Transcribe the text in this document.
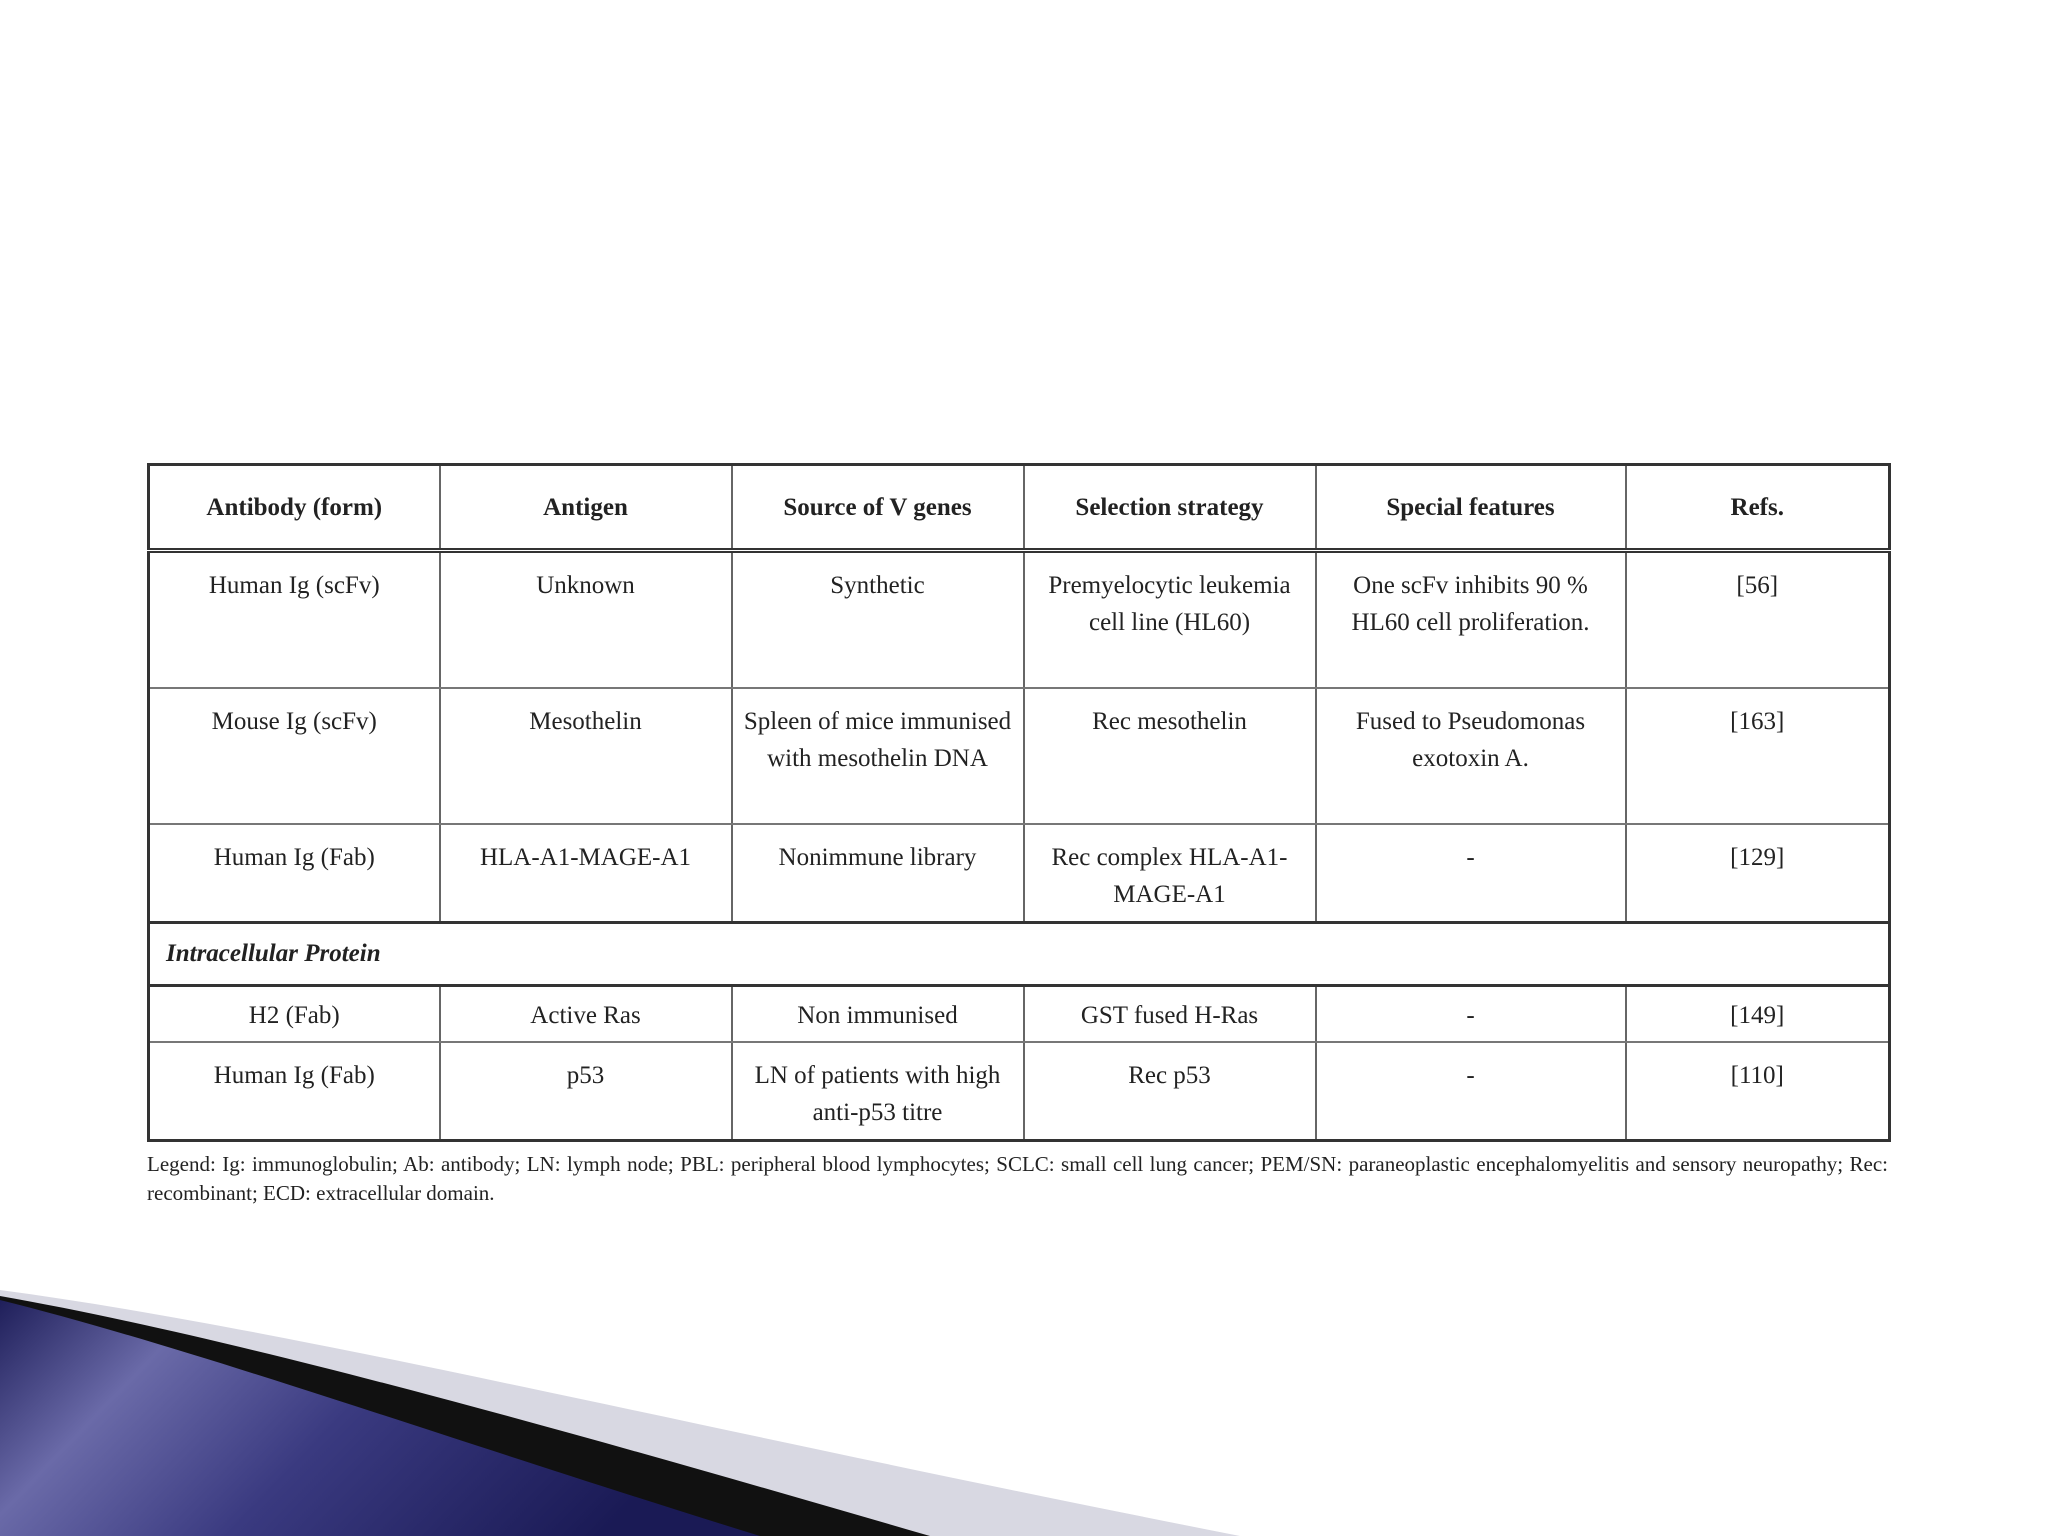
Antibody (form)	Antigen	Source of V genes	Selection strategy	Special features	Refs.
Human Ig (scFv)	Unknown	Synthetic	Premyelocytic leukemia cell line (HL60)	One scFv inhibits 90 % HL60 cell proliferation.	[56]
Mouse Ig (scFv)	Mesothelin	Spleen of mice immunised with mesothelin DNA	Rec mesothelin	Fused to Pseudomonas exotoxin A.	[163]
Human Ig (Fab)	HLA-A1-MAGE-A1	Nonimmune library	Rec complex HLA-A1-MAGE-A1	-	[129]
Intracellular Protein					
H2 (Fab)	Active Ras	Non immunised	GST fused H-Ras	-	[149]
Human Ig (Fab)	p53	LN of patients with high anti-p53 titre	Rec p53	-	[110]
Legend: Ig: immunoglobulin; Ab: antibody; LN: lymph node; PBL: peripheral blood lymphocytes; SCLC: small cell lung cancer; PEM/SN: paraneoplastic encephalomyelitis and sensory neuropathy; Rec: recombinant; ECD: extracellular domain.
